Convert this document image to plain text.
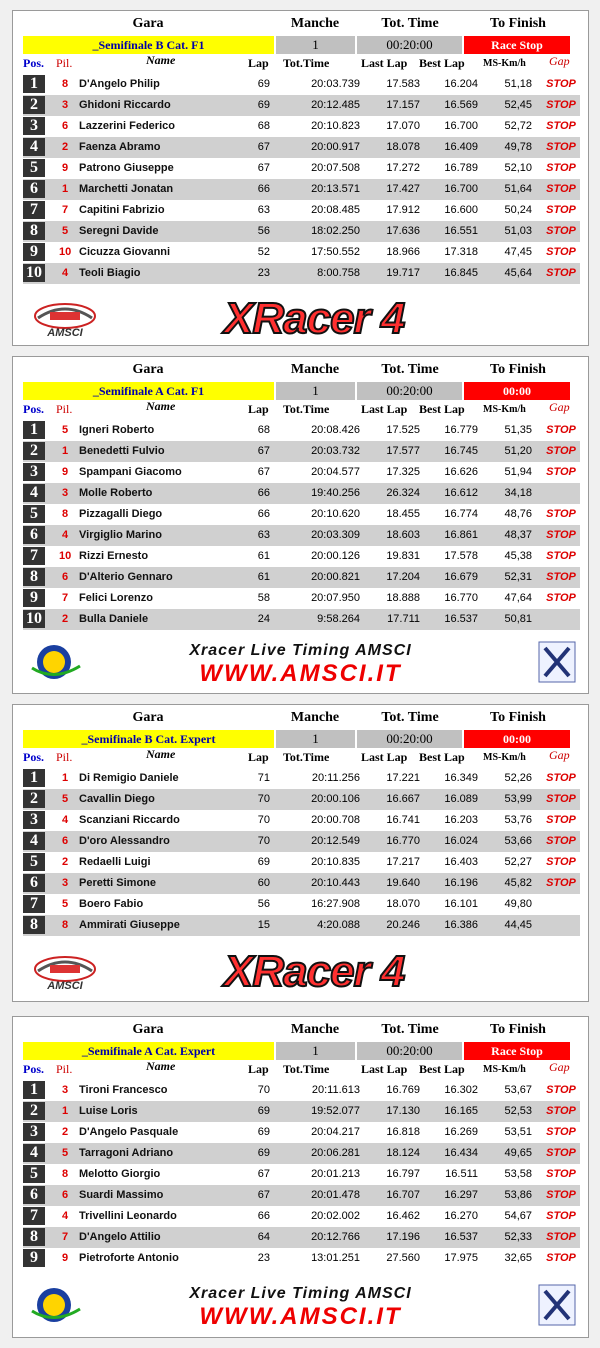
Gara	Manche	Tot. Time	To Finish
_Semifinale B Cat. F1	1	00:20:00	Race Stop
Pos. Pil.	Name	Lap Tot.Time	Last Lap Best Lap MS-Km/h Gap
1	8 D'Angelo Philip	69	20:03.739	17.583	16.204	51,18 STOP
2	3 Ghidoni Riccardo	69	20:12.485	17.157	16.569	52,45 STOP
3	6 Lazzerini Federico	68	20:10.823	17.070	16.700	52,72 STOP
4	2 Faenza Abramo	67	20:00.917	18.078	16.409	49,78 STOP
5	9 Patrono Giuseppe	67	20:07.508	17.272	16.789	52,10 STOP
6	1 Marchetti Jonatan	66	20:13.571	17.427	16.700	51,64 STOP
7	7 Capitini Fabrizio	63	20:08.485	17.912	16.600	50,24 STOP
8	5 Seregni Davide	56	18:02.250	17.636	16.551	51,03 STOP
9	10 Cicuzza Giovanni	52	17:50.552	18.966	17.318	47,45 STOP
10 4 Teoli Biagio	23	8:00.758	19.717	16.845	45,64 STOP
AMSCI	XRacer 4
Gara	Manche	Tot. Time	To Finish
_Semifinale A Cat. F1	1	00:20:00	00:00
Pos. Pil.	Name	Lap Tot.Time	Last Lap Best Lap MS-Km/h Gap
1	5 Igneri Roberto	68	20:08.426	17.525	16.779	51,35 STOP
2	1 Benedetti Fulvio	67	20:03.732	17.577	16.745	51,20 STOP
3	9 Spampani Giacomo	67	20:04.577	17.325	16.626	51,94 STOP
4	3 Molle Roberto	66	19:40.256	26.324	16.612	34,18
5	8 Pizzagalli Diego	66	20:10.620	18.455	16.774	48,76 STOP
6	4 Virgiglio Marino	63	20:03.309	18.603	16.861	48,37 STOP
7	10 Rizzi Ernesto	61	20:00.126	19.831	17.578	45,38 STOP
8	6 D'Alterio Gennaro	61	20:00.821	17.204	16.679	52,31 STOP
9	7 Felici Lorenzo	58	20:07.950	18.888	16.770	47,64 STOP
10 2 Bulla Daniele	24	9:58.264	17.711	16.537	50,81
Xracer Live Timing AMSCI
WWW.AMSCI.IT
Gara	Manche	Tot. Time	To Finish
_Semifinale B Cat. Expert	1	00:20:00	00:00
Pos. Pil.	Name	Lap Tot.Time	Last Lap Best Lap MS-Km/h Gap
1	1 Di Remigio Daniele	71	20:11.256	17.221	16.349	52,26 STOP
2	5 Cavallin Diego	70	20:00.106	16.667	16.089	53,99 STOP
3	4 Scanziani Riccardo	70	20:00.708	16.741	16.203	53,76 STOP
4	6 D'oro Alessandro	70	20:12.549	16.770	16.024	53,66 STOP
5	2 Redaelli Luigi	69	20:10.835	17.217	16.403	52,27 STOP
6	3 Peretti Simone	60	20:10.443	19.640	16.196	45,82 STOP
7	5 Boero Fabio	56	16:27.908	18.070	16.101	49,80
8	8 Ammirati Giuseppe	15	4:20.088	20.246	16.386	44,45
AMSCI	XRacer 4
Gara	Manche	Tot. Time	To Finish
_Semifinale A Cat. Expert	1	00:20:00	Race Stop
Pos. Pil.	Name	Lap Tot.Time	Last Lap Best Lap MS-Km/h Gap
1	3 Tironi Francesco	70	20:11.613	16.769	16.302	53,67 STOP
2	1 Luise Loris	69	19:52.077	17.130	16.165	52,53 STOP
3	2 D'Angelo Pasquale	69	20:04.217	16.818	16.269	53,51 STOP
4	5 Tarragoni Adriano	69	20:06.281	18.124	16.434	49,65 STOP
5	8 Melotto Giorgio	67	20:01.213	16.797	16.511	53,58 STOP
6	6 Suardi Massimo	67	20:01.478	16.707	16.297	53,86 STOP
7	4 Trivellini Leonardo	66	20:02.002	16.462	16.270	54,67 STOP
8	7 D'Angelo Attilio	64	20:12.766	17.196	16.537	52,33 STOP
9	9 Pietroforte Antonio	23	13:01.251	27.560	17.975	32,65 STOP
Xracer Live Timing AMSCI
WWW.AMSCI.IT
